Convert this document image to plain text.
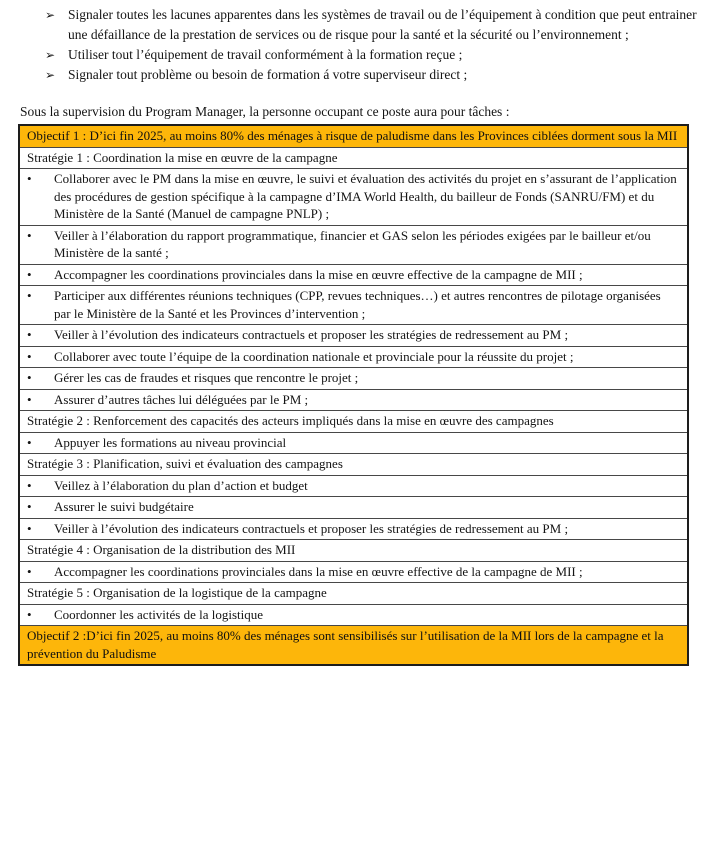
➢ Signaler toutes les lacunes apparentes dans les systèmes de travail ou de l’équipement à condition que peut entrainer une défaillance de la prestation de services ou de risque pour la santé et la sécurité ou l’environnement ;
➢ Utiliser tout l’équipement de travail conformément à la formation reçue ;
➢ Signaler tout problème ou besoin de formation á votre superviseur direct ;

Sous la supervision du Program Manager, la personne occupant ce poste aura pour tâches :

Objectif 1 : D’ici fin 2025, au moins 80% des ménages à risque de paludisme dans les Provinces ciblées dorment sous la MII
Stratégie 1 : Coordination la mise en œuvre de la campagne

•	Collaborer avec le PM dans la mise en œuvre, le suivi et évaluation des activités du projet en s’assurant de l’application des procédures de gestion spécifique à la campagne d’IMA World Health, du bailleur de Fonds (SANRU/FM) et du Ministère de la Santé (Manuel de campagne PNLP) ;

•	Veiller à l’élaboration du rapport programmatique, financier et GAS selon les périodes exigées par le bailleur et/ou Ministère de la santé ;

•	Accompagner les coordinations provinciales dans la mise en œuvre effective de la campagne de MII ;

•	Participer aux différentes réunions techniques (CPP, revues techniques…) et autres rencontres de pilotage organisées par le Ministère de la Santé et les Provinces d’intervention ;

•	Veiller à l’évolution des indicateurs contractuels et proposer les stratégies de redressement au PM ;

•	Collaborer avec toute l’équipe de la coordination nationale et provinciale pour la réussite du projet ;

•	Gérer les cas de fraudes et risques que rencontre le projet ;

•	Assurer d’autres tâches lui déléguées par le PM ;

Stratégie 2 : Renforcement des capacités des acteurs impliqués dans la mise en œuvre des campagnes

•	Appuyer les formations au niveau provincial

Stratégie 3 : Planification, suivi et évaluation des campagnes

•	Veillez à l’élaboration du plan d’action et budget

•	Assurer le suivi budgétaire

•	Veiller à l’évolution des indicateurs contractuels et proposer les stratégies de redressement au PM ;

Stratégie 4 : Organisation de la distribution des MII

•	Accompagner les coordinations provinciales dans la mise en œuvre effective de la campagne de MII ;

Stratégie 5 : Organisation de la logistique de la campagne

•	Coordonner les activités de la logistique

Objectif 2 :D’ici fin 2025, au moins 80% des ménages sont sensibilisés sur l’utilisation de la MII lors de la campagne et la prévention du Paludisme
